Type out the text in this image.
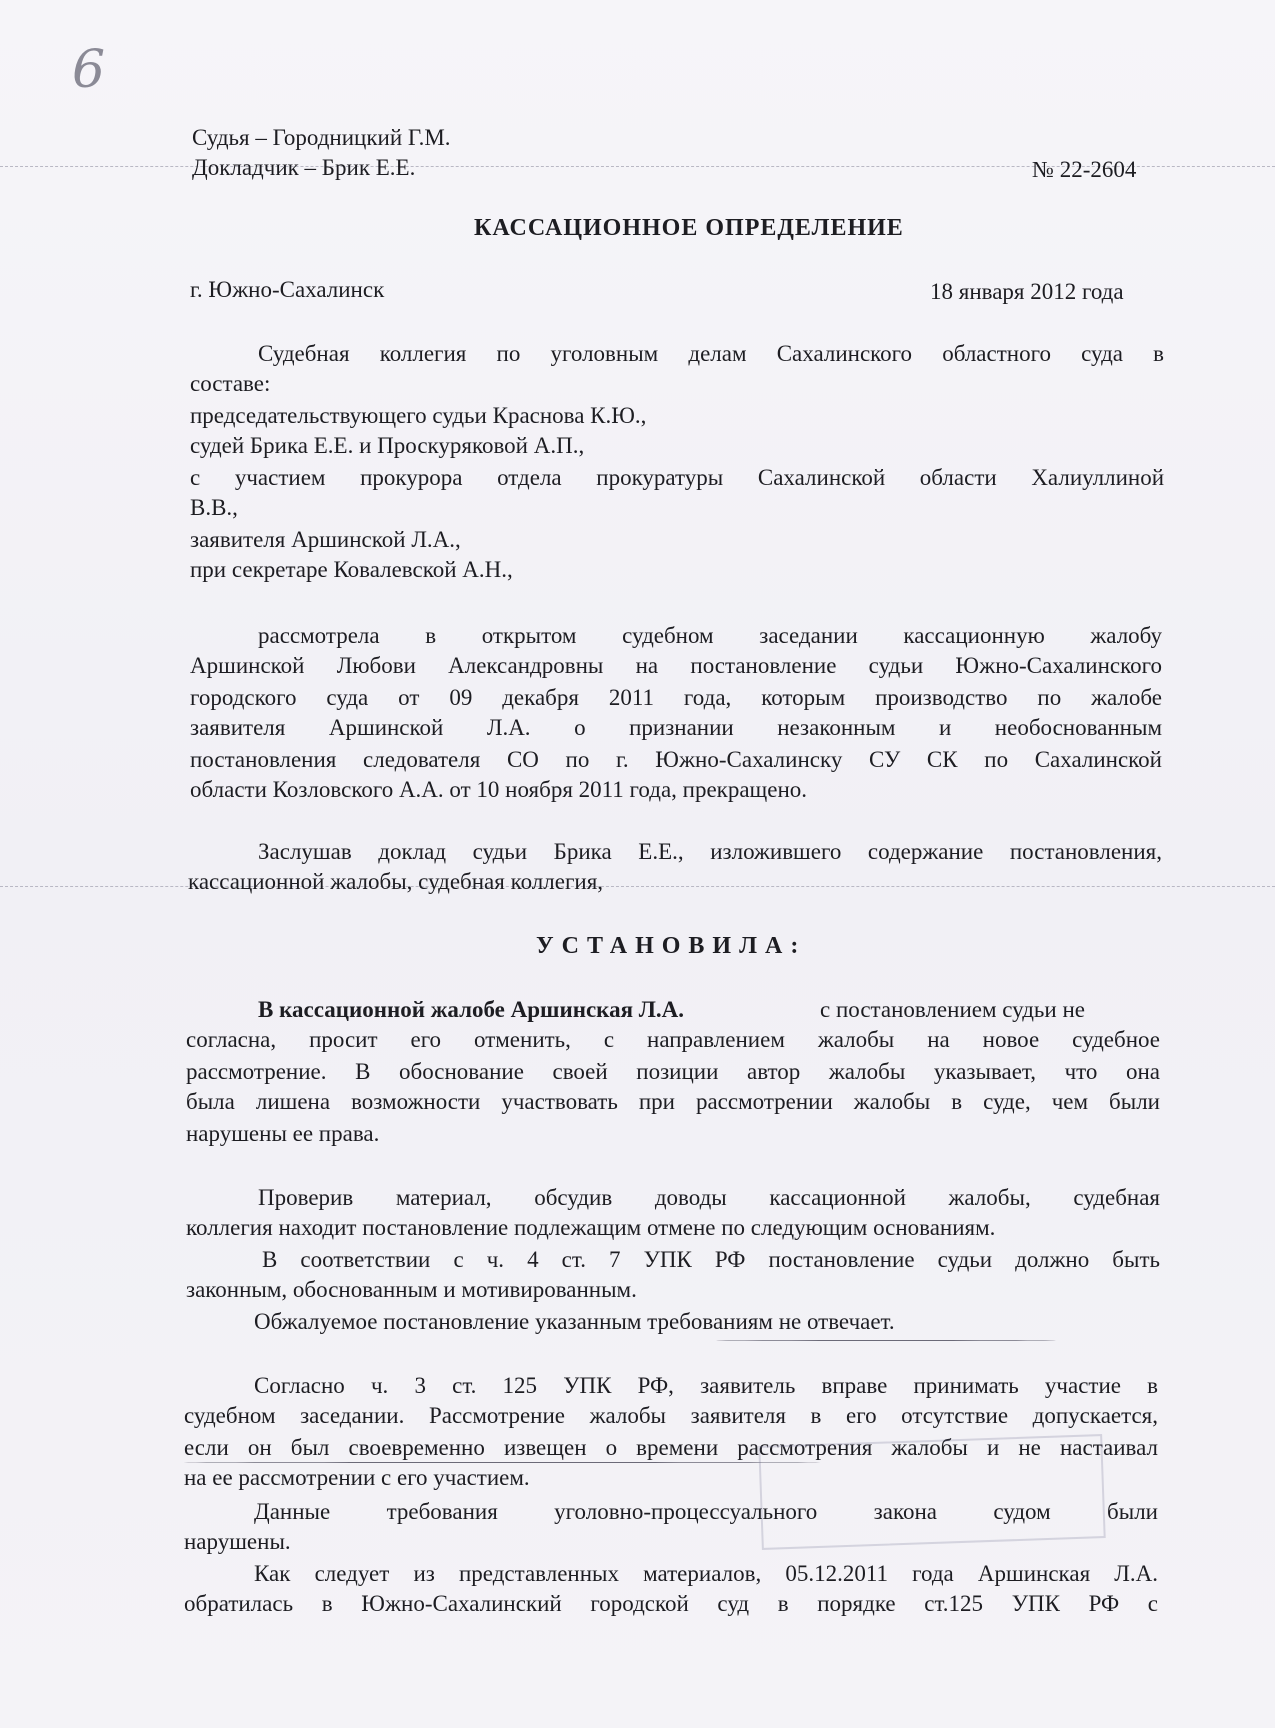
6
Судья – Городницкий Г.М.
Докладчик – Брик Е.Е.	№ 22-2604
КАССАЦИОННОЕ ОПРЕДЕЛЕНИЕ
г. Южно-Сахалинск	18 января 2012 года
Судебная коллегия по уголовным делам Сахалинского областного суда в
составе:
председательствующего судьи Краснова К.Ю.,
судей Брика Е.Е. и Проскуряковой А.П.,
с участием прокурора отдела прокуратуры Сахалинской области Халиуллиной
В.В.,
заявителя Аршинской Л.А.,
при секретаре Ковалевской А.Н.,
рассмотрела в открытом судебном заседании кассационную жалобу
Аршинской Любови Александровны на постановление судьи Южно-Сахалинского
городского суда от 09 декабря 2011 года, которым производство по жалобе
заявителя Аршинской Л.А. о признании незаконным и необоснованным
постановления следователя СО по г. Южно-Сахалинску СУ СК по Сахалинской
области Козловского А.А. от 10 ноября 2011 года, прекращено.
Заслушав доклад судьи Брика Е.Е., изложившего содержание постановления,
кассационной жалобы, судебная коллегия,
УСТАНОВИЛА:
В кассационной жалобе Аршинская Л.А.	с постановлением судьи не
согласна, просит его отменить, с направлением жалобы на новое судебное
рассмотрение. В обоснование своей позиции автор жалобы указывает, что она
была лишена возможности участвовать при рассмотрении жалобы в суде, чем были
нарушены ее права.
Проверив материал, обсудив доводы кассационной жалобы, судебная
коллегия находит постановление подлежащим отмене по следующим основаниям.
В соответствии с ч. 4 ст. 7 УПК РФ постановление судьи должно быть
законным, обоснованным и мотивированным.
Обжалуемое постановление указанным требованиям не отвечает.
Согласно ч. 3 ст. 125 УПК РФ, заявитель вправе принимать участие в
судебном заседании. Рассмотрение жалобы заявителя в его отсутствие допускается,
если он был своевременно извещен о времени рассмотрения жалобы и не настаивал
на ее рассмотрении с его участием.
Данные требования уголовно-процессуального закона судом были
нарушены.
Как следует из представленных материалов, 05.12.2011 года Аршинская Л.А.
обратилась в Южно-Сахалинский городской суд в порядке ст.125 УПК РФ с
